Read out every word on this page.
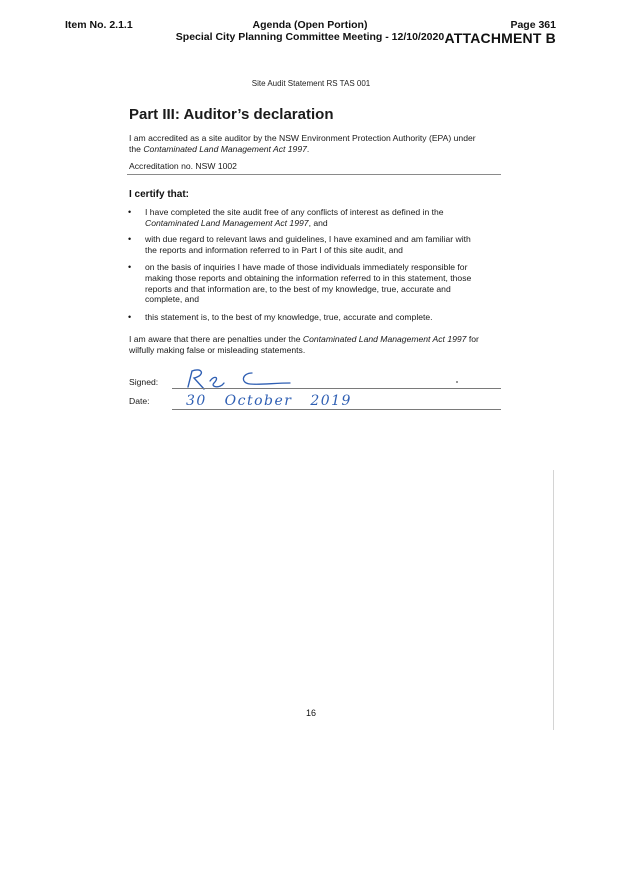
Item No. 2.1.1	Agenda (Open Portion)
Special City Planning Committee Meeting - 12/10/2020
Page 361
ATTACHMENT B
Site Audit Statement RS TAS 001
Part III: Auditor’s declaration
I am accredited as a site auditor by the NSW Environment Protection Authority (EPA) under
the Contaminated Land Management Act 1997.
Accreditation no. NSW 1002
I certify that:
• I have completed the site audit free of any conflicts of interest as defined in the
Contaminated Land Management Act 1997, and
• with due regard to relevant laws and guidelines, I have examined and am familiar with
the reports and information referred to in Part I of this site audit, and
• on the basis of inquiries I have made of those individuals immediately responsible for
making those reports and obtaining the information referred to in this statement, those
reports and that information are, to the best of my knowledge, true, accurate and
complete, and
• this statement is, to the best of my knowledge, true, accurate and complete.
I am aware that there are penalties under the Contaminated Land Management Act 1997 for
wilfully making false or misleading statements.
Signed:
Date:	30   October   2019
16
